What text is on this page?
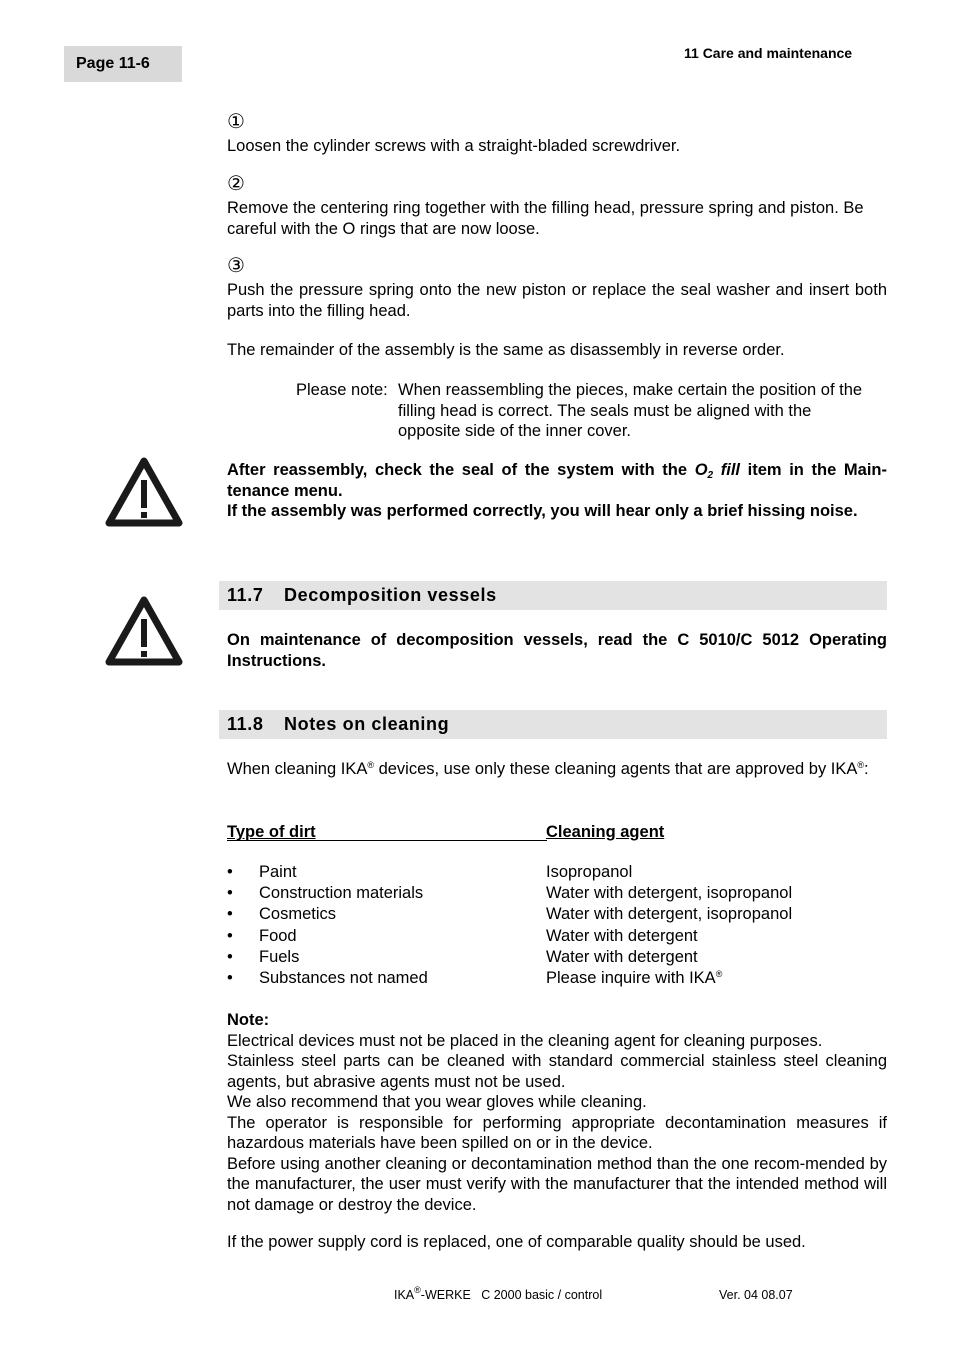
Page 11-6
11 Care and maintenance
①
Loosen the cylinder screws with a straight-bladed screwdriver.
②
Remove the centering ring together with the filling head, pressure spring and piston. Be careful with the O rings that are now loose.
③
Push the pressure spring onto the new piston or replace the seal washer and insert both parts into the filling head.
The remainder of the assembly is the same as disassembly in reverse order.
Please note: When reassembling the pieces, make certain the position of the filling head is correct. The seals must be aligned with the opposite side of the inner cover.
After reassembly, check the seal of the system with the $O_2$ fill item in the Main-tenance menu.
If the assembly was performed correctly, you will hear only a brief hissing noise.
11.7 Decomposition vessels
On maintenance of decomposition vessels, read the C 5010/C 5012 Operating Instructions.
11.8 Notes on cleaning
When cleaning IKA® devices, use only these cleaning agents that are approved by IKA®:
Type of dirt	Cleaning agent
• Paint	Isopropanol
• Construction materials	Water with detergent, isopropanol
• Cosmetics	Water with detergent, isopropanol
• Food	Water with detergent
• Fuels	Water with detergent
• Substances not named	Please inquire with IKA®
Note:
Electrical devices must not be placed in the cleaning agent for cleaning purposes.
Stainless steel parts can be cleaned with standard commercial stainless steel cleaning agents, but abrasive agents must not be used.
We also recommend that you wear gloves while cleaning.
The operator is responsible for performing appropriate decontamination measures if hazardous materials have been spilled on or in the device.
Before using another cleaning or decontamination method than the one recom-mended by the manufacturer, the user must verify with the manufacturer that the intended method will not damage or destroy the device.
If the power supply cord is replaced, one of comparable quality should be used.
IKA®-WERKE C 2000 basic / control	Ver. 04 08.07
